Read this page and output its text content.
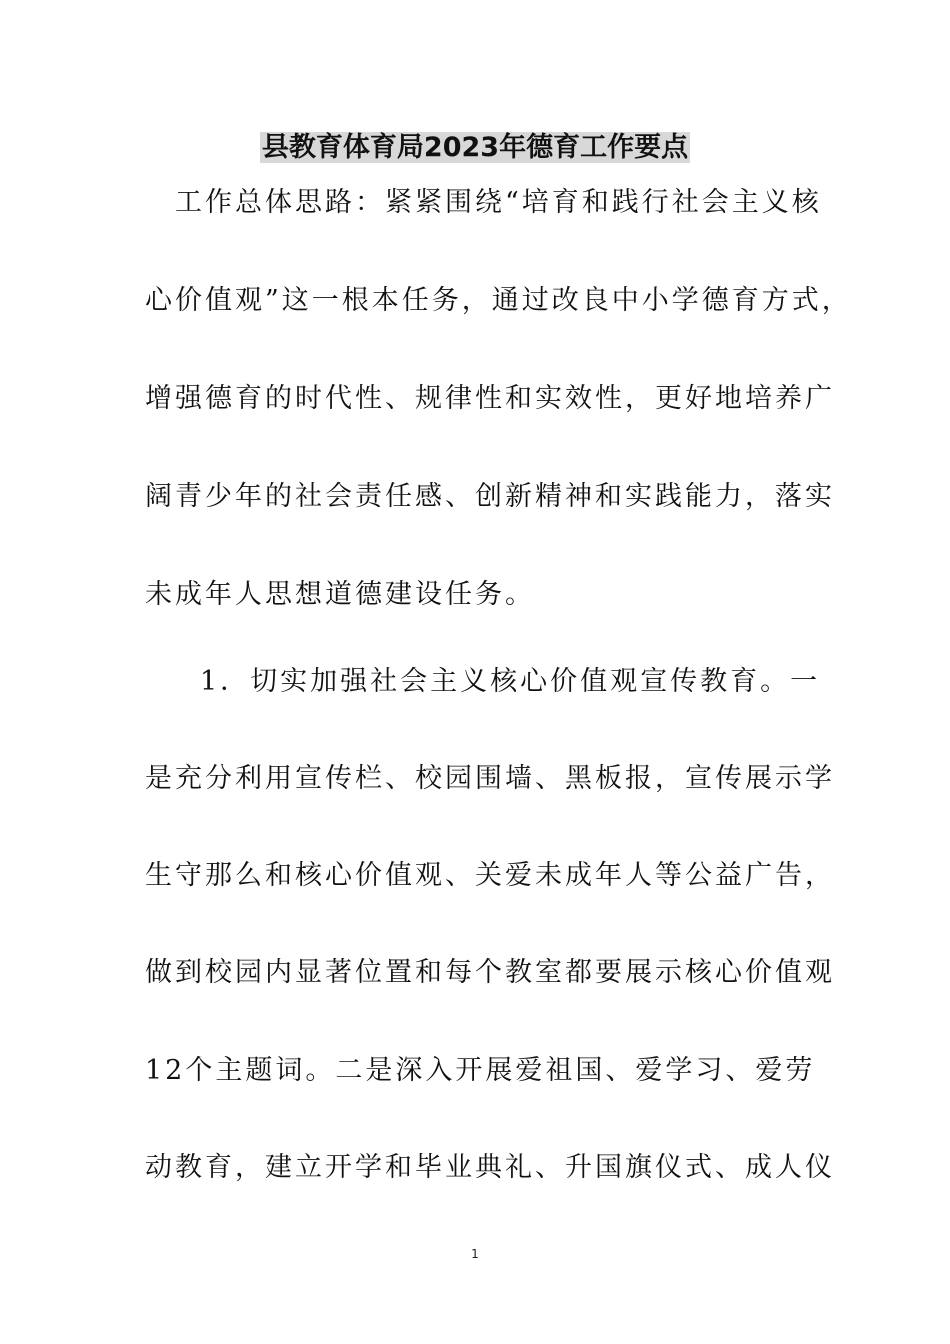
县教育体育局2023年德育工作要点
工作总体思路：紧紧围绕“培育和践行社会主义核
心价值观”这一根本任务，通过改良中小学德育方式，
增强德育的时代性、规律性和实效性，更好地培养广
阔青少年的社会责任感、创新精神和实践能力，落实
未成年人思想道德建设任务。
1．切实加强社会主义核心价值观宣传教育。一
是充分利用宣传栏、校园围墙、黑板报，宣传展示学
生守那么和核心价值观、关爱未成年人等公益广告，
做到校园内显著位置和每个教室都要展示核心价值观
12个主题词。二是深入开展爱祖国、爱学习、爱劳
动教育，建立开学和毕业典礼、升国旗仪式、成人仪
1
